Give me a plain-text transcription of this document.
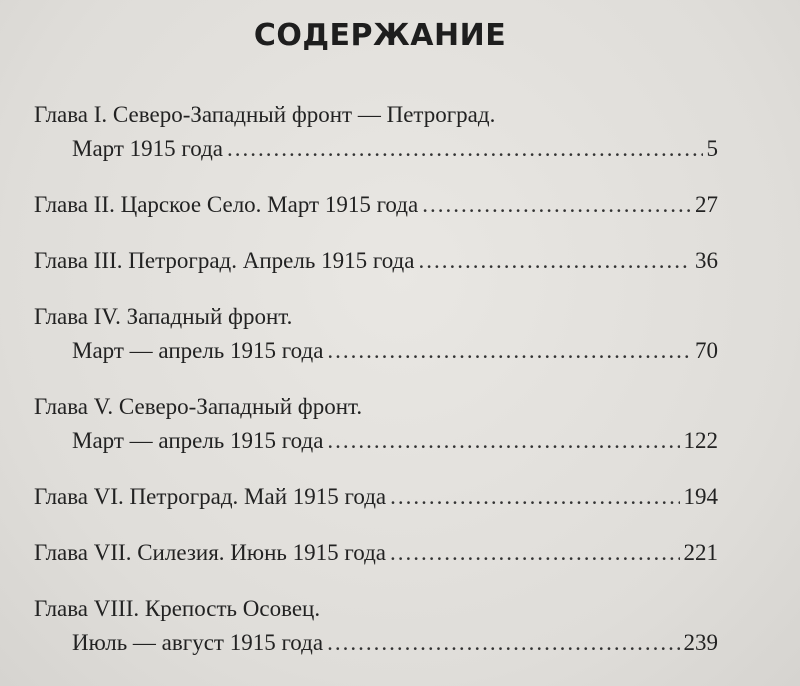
СОДЕРЖАНИЕ
Глава I. Северо-Западный фронт — Петроград.
Март 1915 года .....	5
Глава II. Царское Село. Март 1915 года .....	27
Глава III. Петроград. Апрель 1915 года .....	36
Глава IV. Западный фронт.
Март — апрель 1915 года .....	70
Глава V. Северо-Западный фронт.
Март — апрель 1915 года .....	122
Глава VI. Петроград. Май 1915 года .....	194
Глава VII. Силезия. Июнь 1915 года .....	221
Глава VIII. Крепость Осовец.
Июль — август 1915 года .....	239
